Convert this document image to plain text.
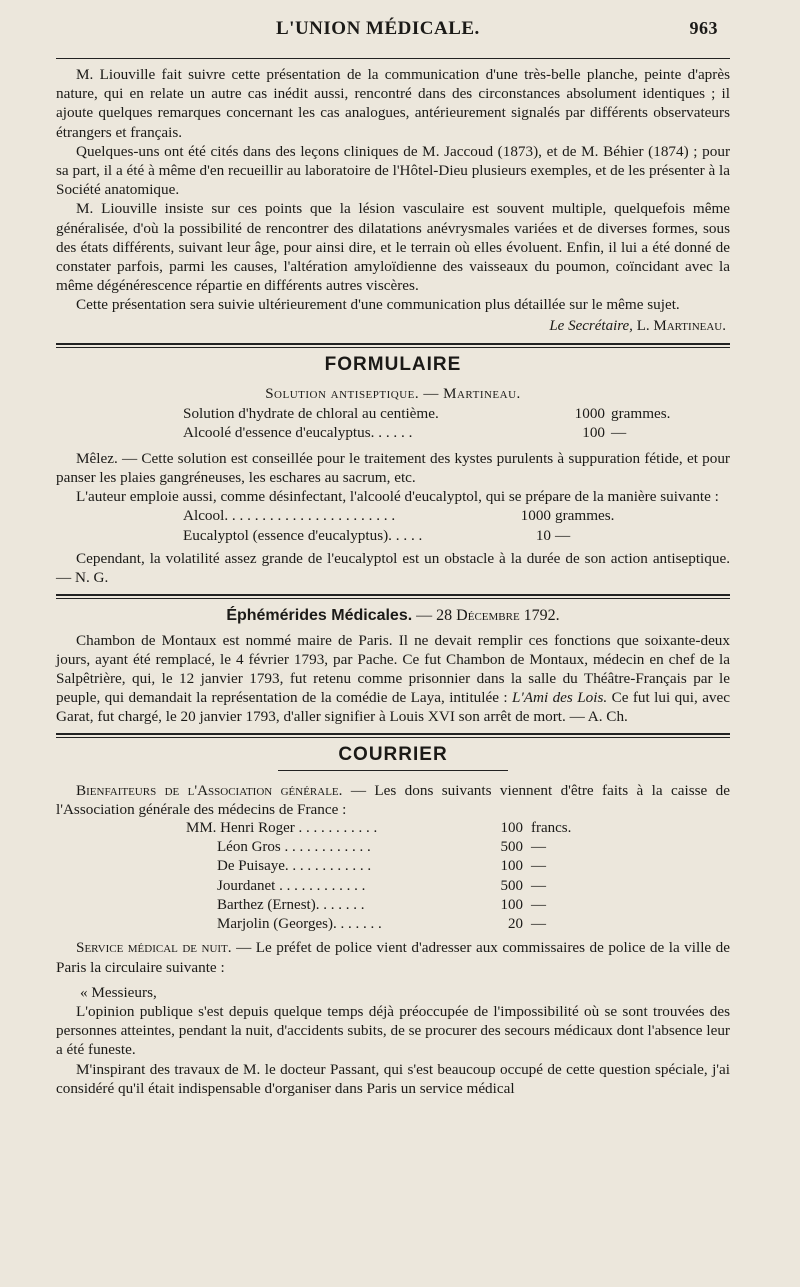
L'UNION MÉDICALE.	963

M. Liouville fait suivre cette présentation de la communication d'une très-belle planche, peinte d'après nature, qui en relate un autre cas inédit aussi, rencontré dans des circonstances absolument identiques ; il ajoute quelques remarques concernant les cas analogues, antérieurement signalés par différents observateurs étrangers et français.

Quelques-uns ont été cités dans des leçons cliniques de M. Jaccoud (1873), et de M. Béhier (1874) ; pour sa part, il a été à même d'en recueillir au laboratoire de l'Hôtel-Dieu plusieurs exemples, et de les présenter à la Société anatomique.

M. Liouville insiste sur ces points que la lésion vasculaire est souvent multiple, quelquefois même généralisée, d'où la possibilité de rencontrer des dilatations anévrysmales variées et de diverses formes, sous des états différents, suivant leur âge, pour ainsi dire, et le terrain où elles évoluent. Enfin, il lui a été donné de constater parfois, parmi les causes, l'altération amyloïdienne des vaisseaux du poumon, coïncidant avec la même dégénérescence répartie en différents autres viscères.

Cette présentation sera suivie ultérieurement d'une communication plus détaillée sur le même sujet.

Le Secrétaire, L. Martineau.
FORMULAIRE
Solution antiseptique. — Martineau.
Solution d'hydrate de chloral au centième.	1000 grammes.
Alcoolé d'essence d'eucalyptus. . . . . .	100 —

Mêlez. — Cette solution est conseillée pour le traitement des kystes purulents à suppuration fétide, et pour panser les plaies gangréneuses, les eschares au sacrum, etc.

L'auteur emploie aussi, comme désinfectant, l'alcoolé d'eucalyptol, qui se prépare de la manière suivante :

Alcool. . . . . . . . . . . . . . . . . . . . . . .	1000 grammes.
Eucalyptol (essence d'eucalyptus). . . . .	10 —

Cependant, la volatilité assez grande de l'eucalyptol est un obstacle à la durée de son action antiseptique. — N. G.

Éphémérides Médicales. — 28 Décembre 1792.

Chambon de Montaux est nommé maire de Paris. Il ne devait remplir ces fonctions que soixante-deux jours, ayant été remplacé, le 4 février 1793, par Pache. Ce fut Chambon de Montaux, médecin en chef de la Salpêtrière, qui, le 12 janvier 1793, fut retenu comme prisonnier dans la salle du Théâtre-Français par le peuple, qui demandait la représentation de la comédie de Laya, intitulée : L'Ami des Lois. Ce fut lui qui, avec Garat, fut chargé, le 20 janvier 1793, d'aller signifier à Louis XVI son arrêt de mort. — A. Ch.

COURRIER

Bienfaiteurs de l'Association générale. — Les dons suivants viennent d'être faits à la caisse de l'Association générale des médecins de France :

MM. Henri Roger . . . . . . . . . . .	100 francs.
Léon Gros . . . . . . . . . . . .	500 —
De Puisaye. . . . . . . . . . . .	100 —
Jourdanet . . . . . . . . . . . .	500 —
Barthez (Ernest). . . . . . .	100 —
Marjolin (Georges). . . . . . .	20 —

Service médical de nuit. — Le préfet de police vient d'adresser aux commissaires de police de la ville de Paris la circulaire suivante :

« Messieurs,

L'opinion publique s'est depuis quelque temps déjà préoccupée de l'impossibilité où se sont trouvées des personnes atteintes, pendant la nuit, d'accidents subits, de se procurer des secours médicaux dont l'absence leur a été funeste.

M'inspirant des travaux de M. le docteur Passant, qui s'est beaucoup occupé de cette question spéciale, j'ai considéré qu'il était indispensable d'organiser dans Paris un service médical
